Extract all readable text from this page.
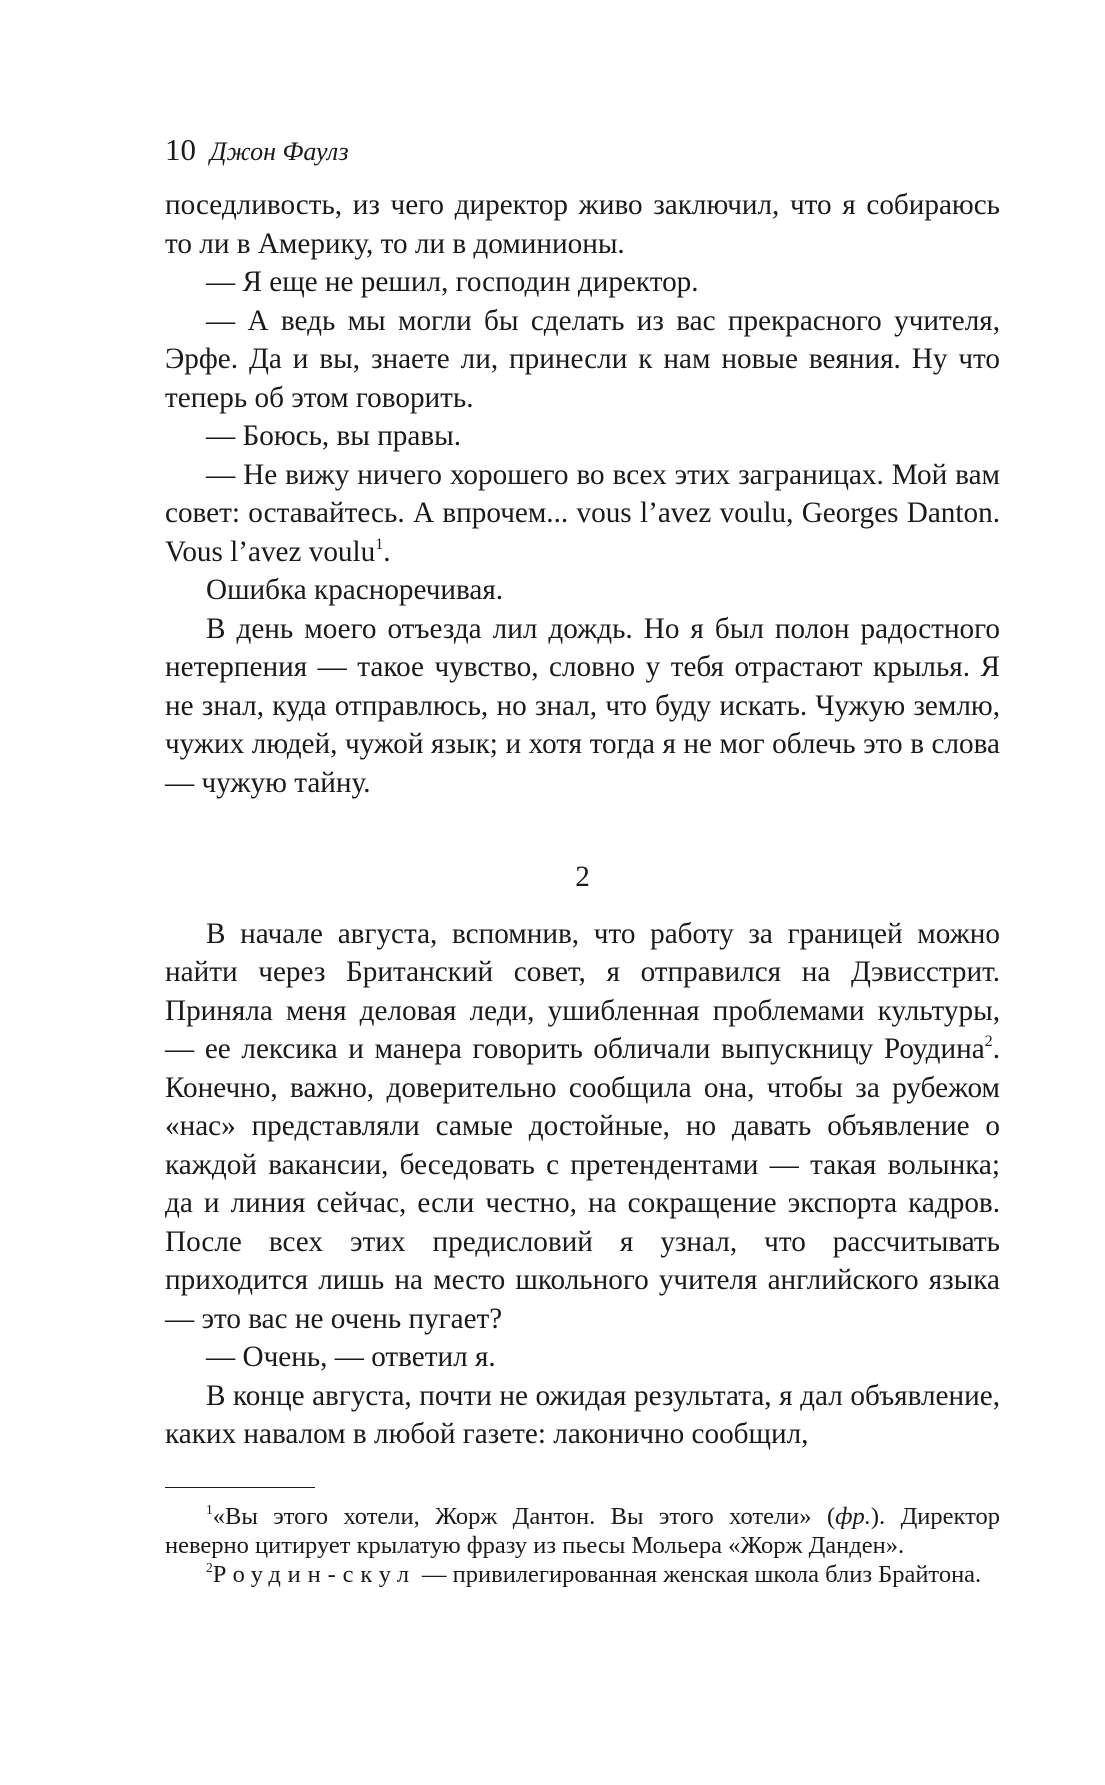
10 Джон Фаулз

поседливость, из чего директор живо заключил, что я собираюсь то ли в Америку, то ли в доминионы.

— Я еще не решил, господин директор.

— А ведь мы могли бы сделать из вас прекрасного учителя, Эрфе. Да и вы, знаете ли, принесли к нам новые веяния. Ну что теперь об этом говорить.

— Боюсь, вы правы.

— Не вижу ничего хорошего во всех этих заграницах. Мой вам совет: оставайтесь. А впрочем... vous l’avez voulu, Georges Danton. Vous l’avez voulu$^1$.

Ошибка красноречивая.

В день моего отъезда лил дождь. Но я был полон радостного нетерпения — такое чувство, словно у тебя отрастают крылья. Я не знал, куда отправлюсь, но знал, что буду искать. Чужую землю, чужих людей, чужой язык; и хотя тогда я не мог облечь это в слова — чужую тайну.

2

В начале августа, вспомнив, что работу за границей можно найти через Британский совет, я отправился на Дэвисстрит. Приняла меня деловая леди, ушибленная проблемами культуры, — ее лексика и манера говорить обличали выпускницу Роудина$^2$. Конечно, важно, доверительно сообщила она, чтобы за рубежом «нас» представляли самые достойные, но давать объявление о каждой вакансии, беседовать с претендентами — такая волынка; да и линия сейчас, если честно, на сокращение экспорта кадров. После всех этих предисловий я узнал, что рассчитывать приходится лишь на место школьного учителя английского языка — это вас не очень пугает?

— Очень, — ответил я.

В конце августа, почти не ожидая результата, я дал объявление, каких навалом в любой газете: лаконично сообщил,

$^1$«Вы этого хотели, Жорж Дантон. Вы этого хотели» (фр.). Директор неверно цитирует крылатую фразу из пьесы Мольера «Жорж Данден».

$^2$Роудин-скул — привилегированная женская школа близ Брайтона.
